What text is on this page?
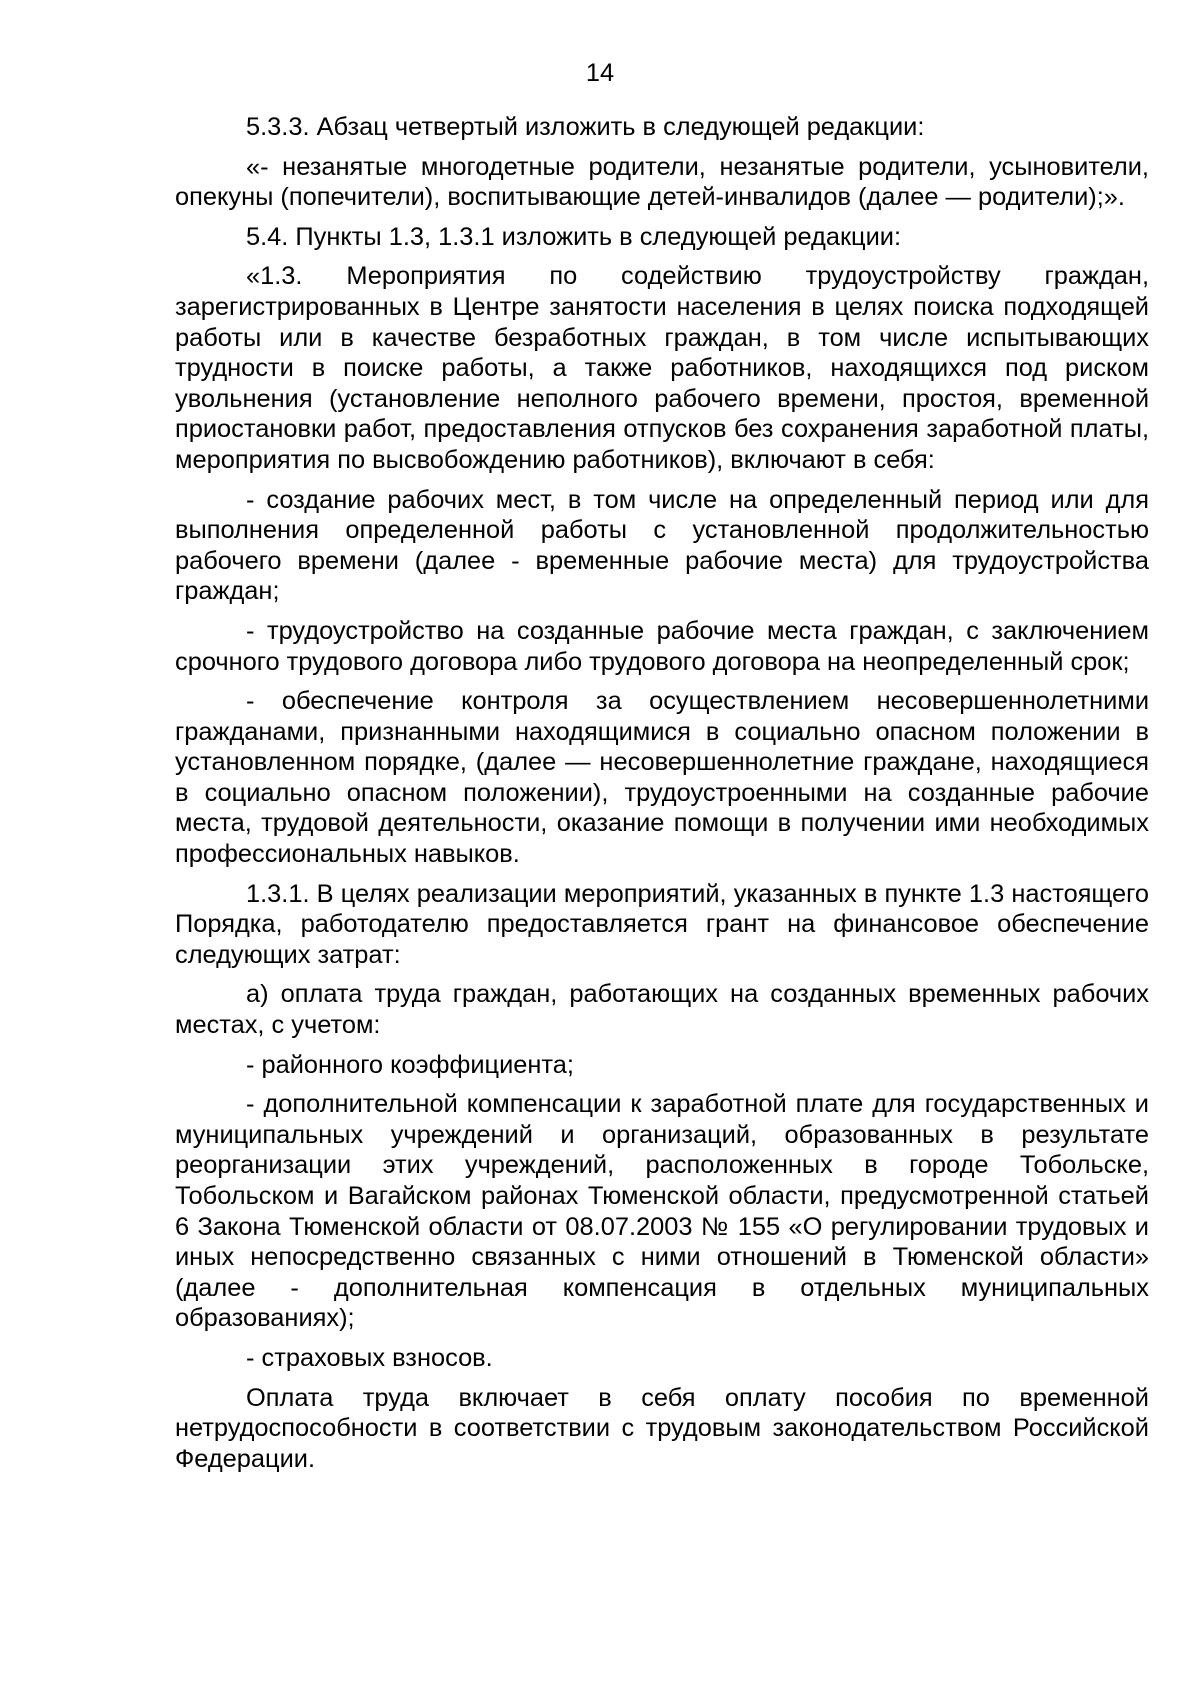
14

5.3.3. Абзац четвертый изложить в следующей редакции:

«- незанятые многодетные родители, незанятые родители, усыновители, опекуны (попечители), воспитывающие детей-инвалидов (далее — родители);».

5.4. Пункты 1.3, 1.3.1 изложить в следующей редакции:

«1.3. Мероприятия по содействию трудоустройству граждан, зарегистрированных в Центре занятости населения в целях поиска подходящей работы или в качестве безработных граждан, в том числе испытывающих трудности в поиске работы, а также работников, находящихся под риском увольнения (установление неполного рабочего времени, простоя, временной приостановки работ, предоставления отпусков без сохранения заработной платы, мероприятия по высвобождению работников), включают в себя:

- создание рабочих мест, в том числе на определенный период или для выполнения определенной работы с установленной продолжительностью рабочего времени (далее - временные рабочие места) для трудоустройства граждан;

- трудоустройство на созданные рабочие места граждан, с заключением срочного трудового договора либо трудового договора на неопределенный срок;

- обеспечение контроля за осуществлением несовершеннолетними гражданами, признанными находящимися в социально опасном положении в установленном порядке, (далее — несовершеннолетние граждане, находящиеся в социально опасном положении), трудоустроенными на созданные рабочие места, трудовой деятельности, оказание помощи в получении ими необходимых профессиональных навыков.

1.3.1. В целях реализации мероприятий, указанных в пункте 1.3 настоящего Порядка, работодателю предоставляется грант на финансовое обеспечение следующих затрат:

а) оплата труда граждан, работающих на созданных временных рабочих местах, с учетом:

- районного коэффициента;

- дополнительной компенсации к заработной плате для государственных и муниципальных учреждений и организаций, образованных в результате реорганизации этих учреждений, расположенных в городе Тобольске, Тобольском и Вагайском районах Тюменской области, предусмотренной статьей 6 Закона Тюменской области от 08.07.2003 № 155 «О регулировании трудовых и иных непосредственно связанных с ними отношений в Тюменской области» (далее - дополнительная компенсация в отдельных муниципальных образованиях);

- страховых взносов.

Оплата труда включает в себя оплату пособия по временной нетрудоспособности в соответствии с трудовым законодательством Российской Федерации.
